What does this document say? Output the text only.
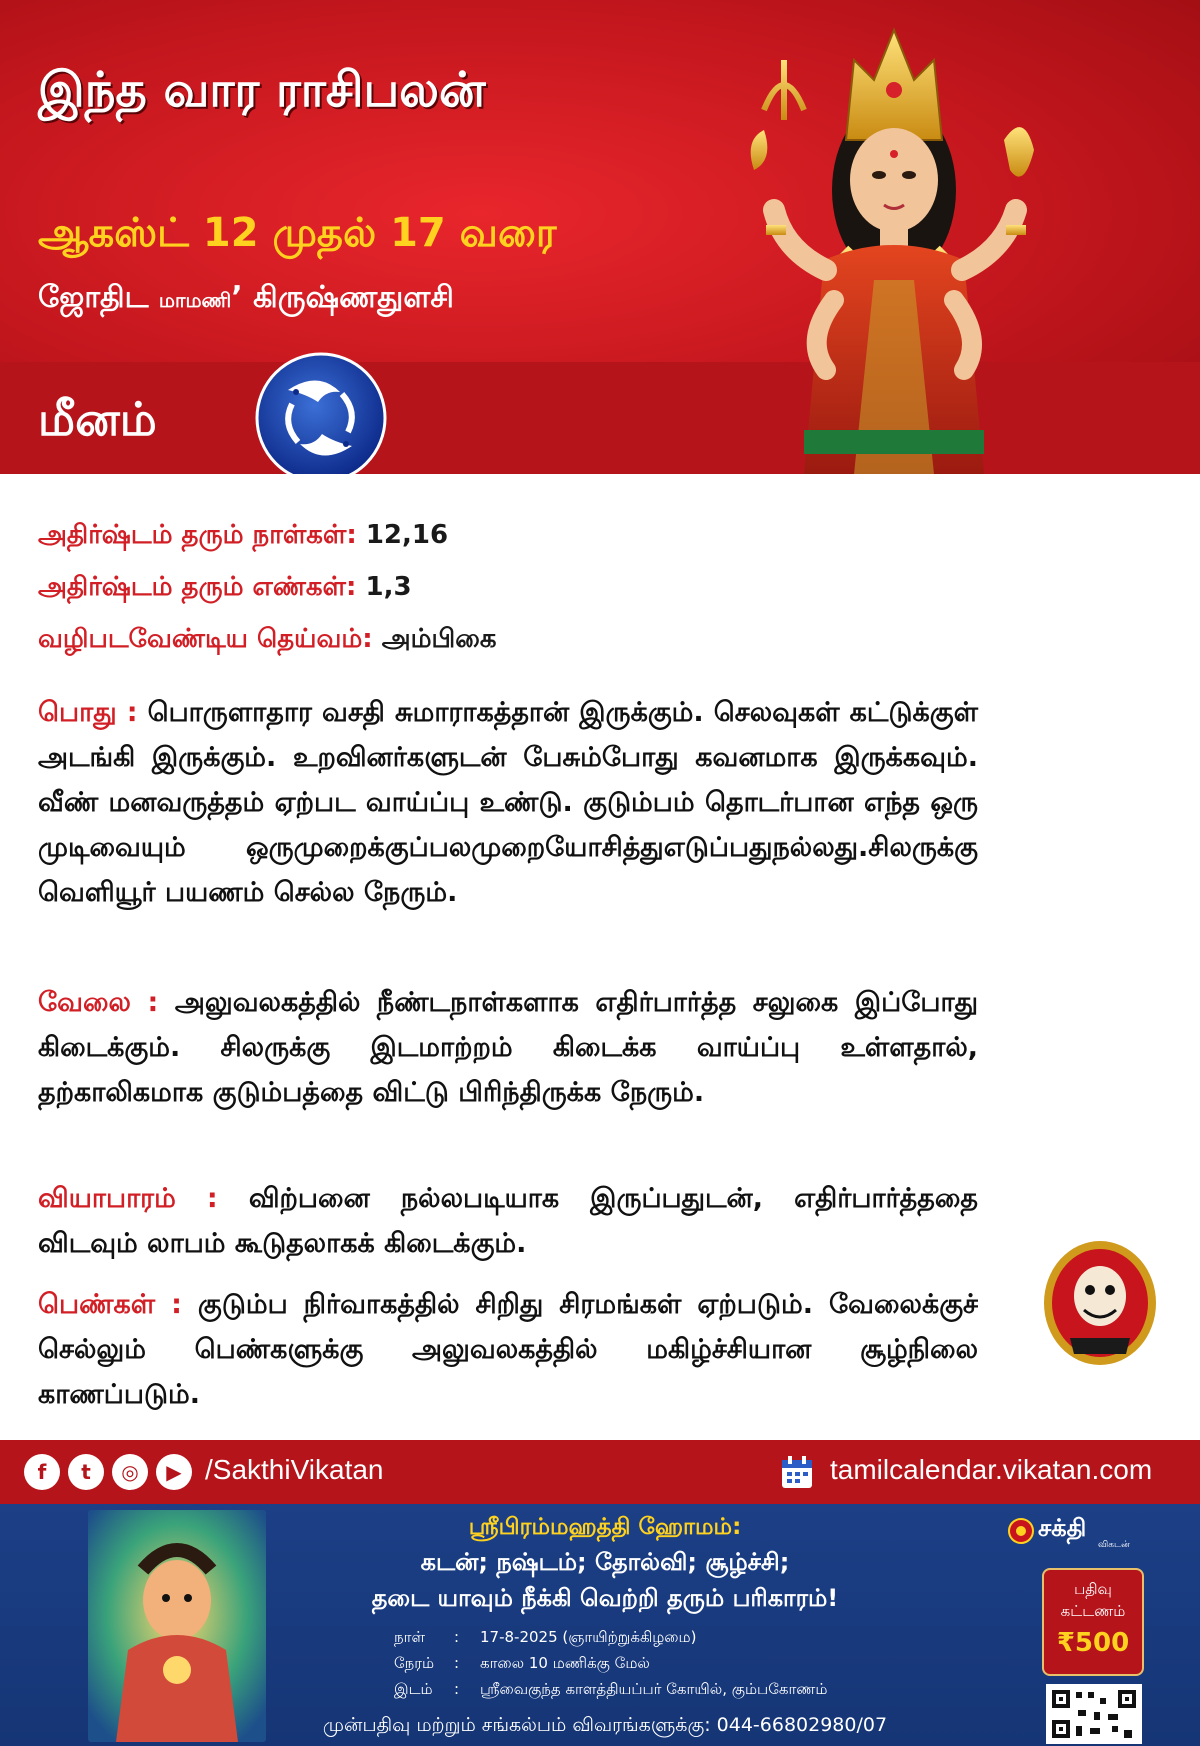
இந்த வார ராசிபலன்
ஆகஸ்ட் 12 முதல் 17 வரை
ஜோதிட மாமணி’ கிருஷ்ணதுளசி
மீனம்
அதிர்ஷ்டம் தரும் நாள்கள்: 12,16
அதிர்ஷ்டம் தரும் எண்கள்: 1,3
வழிபடவேண்டிய தெய்வம்: அம்பிகை

பொது : பொருளாதார வசதி சுமாராகத்தான் இருக்கும். செலவுகள் கட்டுக்குள் அடங்கி இருக்கும். உறவினர்களுடன் பேசும்போது கவனமாக இருக்கவும். வீண் மனவருத்தம் ஏற்பட வாய்ப்பு உண்டு. குடும்பம் தொடர்பான எந்த ஒரு முடிவையும் ஒருமுறைக்குப்பலமுறையோசித்துஎடுப்பதுநல்லது.சிலருக்கு வெளியூர் பயணம் செல்ல நேரும்.

வேலை : அலுவலகத்தில் நீண்டநாள்களாக எதிர்பார்த்த சலுகை இப்போது கிடைக்கும். சிலருக்கு இடமாற்றம் கிடைக்க வாய்ப்பு உள்ளதால், தற்காலிகமாக குடும்பத்தை விட்டு பிரிந்திருக்க நேரும்.

வியாபாரம் : விற்பனை நல்லபடியாக இருப்பதுடன், எதிர்பார்த்ததை விடவும் லாபம் கூடுதலாகக் கிடைக்கும்.

பெண்கள் : குடும்ப நிர்வாகத்தில் சிறிது சிரமங்கள் ஏற்படும். வேலைக்குச் செல்லும் பெண்களுக்கு அலுவலகத்தில் மகிழ்ச்சியான சூழ்நிலை காணப்படும்.

f	t	◎	▶ /SakthiVikatan	tamilcalendar.vikatan.com
ஸ்ரீபிரம்மஹத்தி ஹோமம்:
கடன்; நஷ்டம்; தோல்வி; சூழ்ச்சி;
தடை யாவும் நீக்கி வெற்றி தரும் பரிகாரம்!
நாள் : 17-8-2025 (ஞாயிற்றுக்கிழமை)
நேரம் : காலை 10 மணிக்கு மேல்
இடம் : ஸ்ரீவைகுந்த காளத்தியப்பர் கோயில், கும்பகோணம்
முன்பதிவு மற்றும் சங்கல்பம் விவரங்களுக்கு: 044-66802980/07
சக்தி
விகடன்
பதிவு
கட்டணம்
₹500
